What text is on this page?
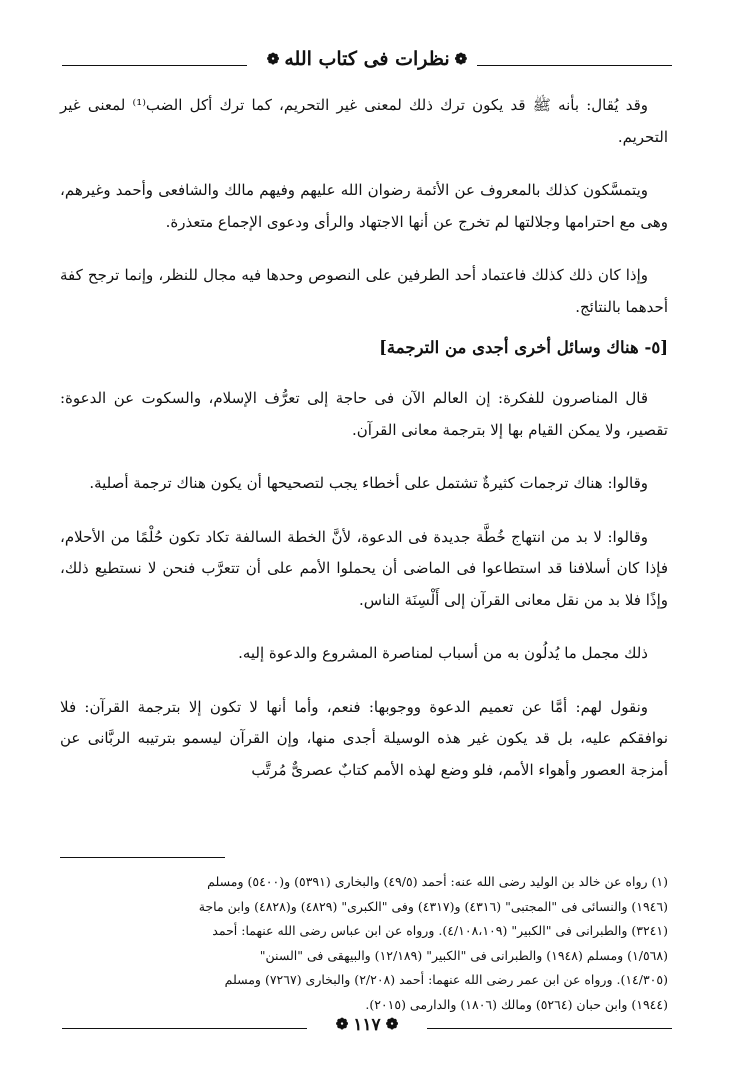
❁نظرات فى كتاب الله❁

وقد يُقال: بأنه ﷺ قد يكون ترك ذلك لمعنى غير التحريم، كما ترك أكل الضب⁽¹⁾ لمعنى غير التحريم.

ويتمسَّكون كذلك بالمعروف عن الأئمة رضوان الله عليهم وفيهم مالك والشافعى وأحمد وغيرهم، وهى مع احترامها وجلالتها لم تخرج عن أنها الاجتهاد والرأى ودعوى الإجماع متعذرة.

وإذا كان ذلك كذلك فاعتماد أحد الطرفين على النصوص وحدها فيه مجال للنظر، وإنما ترجح كفة أحدهما بالنتائج.

[٥- هناك وسائل أخرى أجدى من الترجمة]

قال المناصرون للفكرة: إن العالم الآن فى حاجة إلى تعرُّف الإسلام، والسكوت عن الدعوة: تقصير، ولا يمكن القيام بها إلا بترجمة معانى القرآن.

وقالوا: هناك ترجمات كثيرةٌ تشتمل على أخطاء يجب لتصحيحها أن يكون هناك ترجمة أصلية.

وقالوا: لا بد من انتهاج خُطَّة جديدة فى الدعوة، لأنَّ الخطة السالفة تكاد تكون حُلْمًا من الأحلام، فإذا كان أسلافنا قد استطاعوا فى الماضى أن يحملوا الأمم على أن تتعرَّب فنحن لا نستطيع ذلك، وإذًا فلا بد من نقل معانى القرآن إلى أَلْسِنَة الناس.

ذلك مجمل ما يُدلُون به من أسباب لمناصرة المشروع والدعوة إليه.

ونقول لهم: أمَّا عن تعميم الدعوة ووجوبها: فنعم، وأما أنها لا تكون إلا بترجمة القرآن: فلا نوافقكم عليه، بل قد يكون غير هذه الوسيلة أجدى منها، وإن القرآن ليسمو بترتيبه الربَّانى عن أمزجة العصور وأهواء الأمم، فلو وضع لهذه الأمم كتابٌ عصرىٌّ مُرتَّب

(١) رواه عن خالد بن الوليد رضى الله عنه: أحمد (٤٩/٥) والبخارى (٥٣٩١) و(٥٤٠٠) ومسلم
(١٩٤٦) والنسائى فى "المجتبى" (٤٣١٦) و(٤٣١٧) وفى "الكبرى" (٤٨٢٩) و(٤٨٢٨) وابن ماجة
(٣٢٤١) والطبرانى فى "الكبير" (٤/١٠٨،١٠٩). ورواه عن ابن عباس رضى الله عنهما: أحمد
(١/٥٦٨) ومسلم (١٩٤٨) والطبرانى فى "الكبير" (١٢/١٨٩) والبيهقى فى "السنن"
(١٤/٣٠٥). ورواه عن ابن عمر رضى الله عنهما: أحمد (٢/٢٠٨) والبخارى (٧٢٦٧) ومسلم
(١٩٤٤) وابن حبان (٥٢٦٤) ومالك (١٨٠٦) والدارمى (٢٠١٥).
❁١١٧❁
